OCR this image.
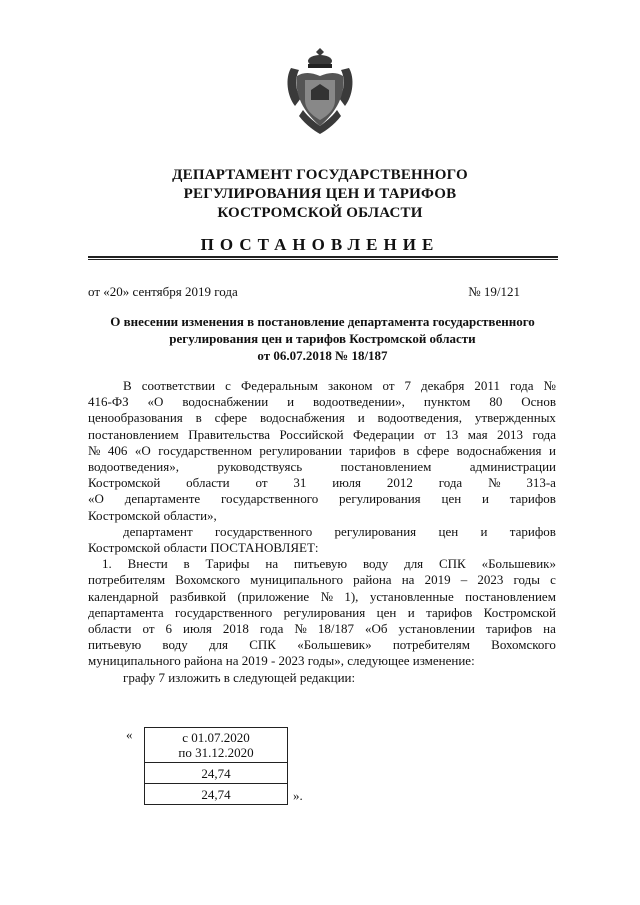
ДЕПАРТАМЕНТ ГОСУДАРСТВЕННОГО
РЕГУЛИРОВАНИЯ ЦЕН И ТАРИФОВ
КОСТРОМСКОЙ ОБЛАСТИ
ПОСТАНОВЛЕНИЕ
от «20» сентября 2019 года	№ 19/121
О внесении изменения в постановление департамента государственного
регулирования цен и тарифов Костромской области
от 06.07.2018 № 18/187
В соответствии с Федеральным законом от 7 декабря 2011 года №
416-ФЗ «О водоснабжении и водоотведении», пунктом 80 Основ
ценообразования в сфере водоснабжения и водоотведения, утвержденных
постановлением Правительства Российской Федерации от 13 мая 2013 года
№ 406 «О государственном регулировании тарифов в сфере водоснабжения и
водоотведения»,	руководствуясь	постановлением	администрации
Костромской области от 31 июля 2012 года № 313-а
«О департаменте государственного регулирования цен и тарифов
Костромской области»,
департамент государственного регулирования цен и тарифов
Костромской области ПОСТАНОВЛЯЕТ:
1. Внести в Тарифы на питьевую воду для СПК «Большевик»
потребителям Вохомского муниципального района на 2019 – 2023 годы с
календарной разбивкой (приложение № 1), установленные постановлением
департамента государственного регулирования цен и тарифов Костромской
области от 6 июля 2018 года № 18/187 «Об установлении тарифов на
питьевую воду для СПК «Большевик» потребителям Вохомского
муниципального района на 2019 - 2023 годы», следующее изменение:
графу 7 изложить в следующей редакции:
«	с 01.07.2020
по 31.12.2020

24,74
24,74	».
